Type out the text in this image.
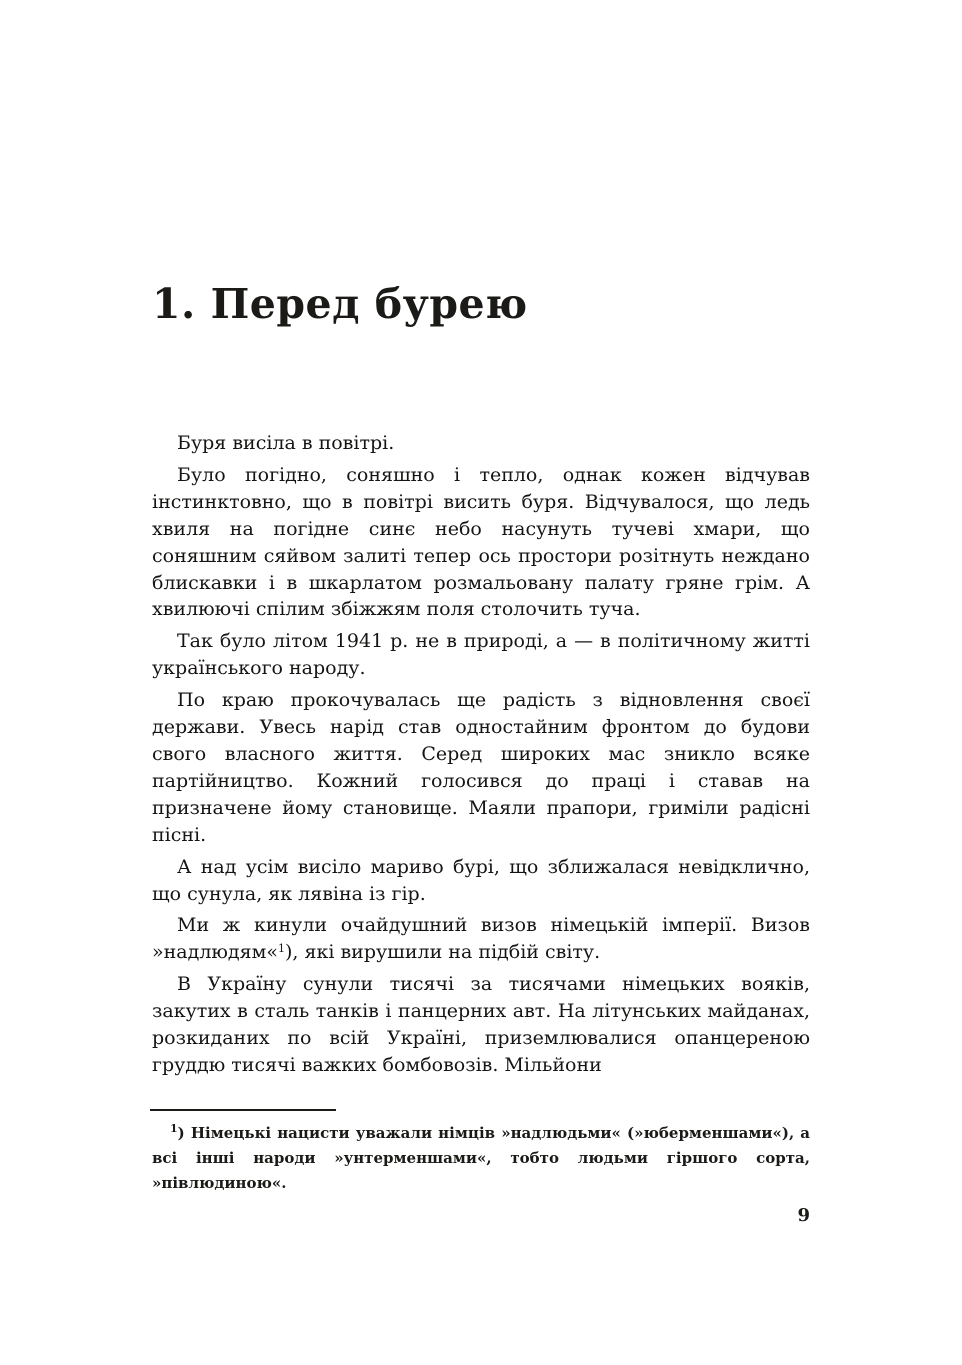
1. Перед бурею

Буря висіла в повітрі.

Було погідно, соняшно і тепло, однак кожен відчував інстинктовно, що в повітрі висить буря. Відчувалося, що ледь хвиля на погідне синє небо насунуть тучеві хмари, що соняшним сяйвом залиті тепер ось простори розітнуть неждано блискавки і в шкарлатом розмальовану палату гряне грім. А хвилюючі спілим збіжжям поля столочить туча.

Так було літом 1941 р. не в природі, а — в політичному житті українського народу.

По краю прокочувалась ще радість з відновлення своєї держави. Увесь нарід став одностайним фронтом до будови свого власного життя. Серед широких мас зникло всяке партійництво. Кожний голосився до праці і ставав на призначене йому становище. Маяли прапори, гриміли радісні пісні.

А над усім висіло мариво бурі, що зближалася невідклично, що сунула, як лявіна із гір.

Ми ж кинули очайдушний визов німецькій імперії. Визов »надлюдям«$^1$), які вирушили на підбій світу.

В Україну сунули тисячі за тисячами німецьких вояків, закутих в сталь танків і панцерних авт. На літунських майданах, розкиданих по всій Україні, приземлювалися опанцереною груддю тисячі важких бомбовозів. Мільйони

$^1$) Німецькі нацисти уважали німців »надлюдьми« (»юберменшами«), а всі інші народи »унтерменшами«, тобто людьми гіршого сорта, »півлюдиною«.

9
